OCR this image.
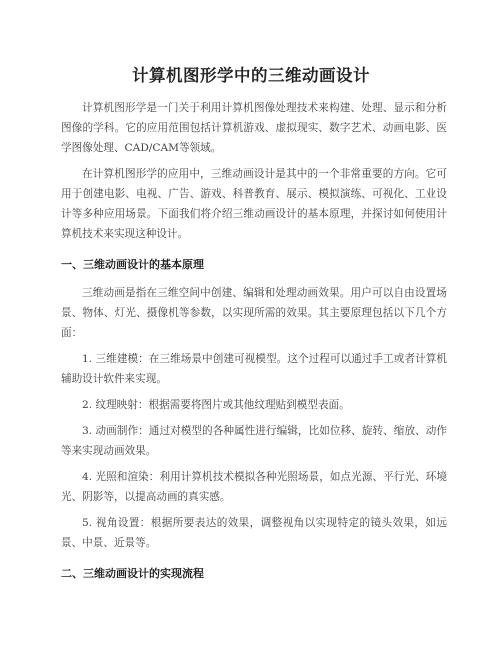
计算机图形学中的三维动画设计

计算机图形学是一门关于利用计算机图像处理技术来构建、处理、显示和分析图像的学科。它的应用范围包括计算机游戏、虚拟现实、数字艺术、动画电影、医学图像处理、CAD/CAM等领域。

在计算机图形学的应用中，三维动画设计是其中的一个非常重要的方向。它可用于创建电影、电视、广告、游戏、科普教育、展示、模拟演练、可视化、工业设计等多种应用场景。下面我们将介绍三维动画设计的基本原理，并探讨如何使用计算机技术来实现这种设计。

一、三维动画设计的基本原理

三维动画是指在三维空间中创建、编辑和处理动画效果。用户可以自由设置场景、物体、灯光、摄像机等参数，以实现所需的效果。其主要原理包括以下几个方面：

1. 三维建模：在三维场景中创建可视模型。这个过程可以通过手工或者计算机辅助设计软件来实现。

2. 纹理映射：根据需要将图片或其他纹理贴到模型表面。

3. 动画制作：通过对模型的各种属性进行编辑，比如位移、旋转、缩放、动作等来实现动画效果。

4. 光照和渲染：利用计算机技术模拟各种光照场景，如点光源、平行光、环境光、阴影等，以提高动画的真实感。

5. 视角设置：根据所要表达的效果，调整视角以实现特定的镜头效果，如远景、中景、近景等。

二、三维动画设计的实现流程
